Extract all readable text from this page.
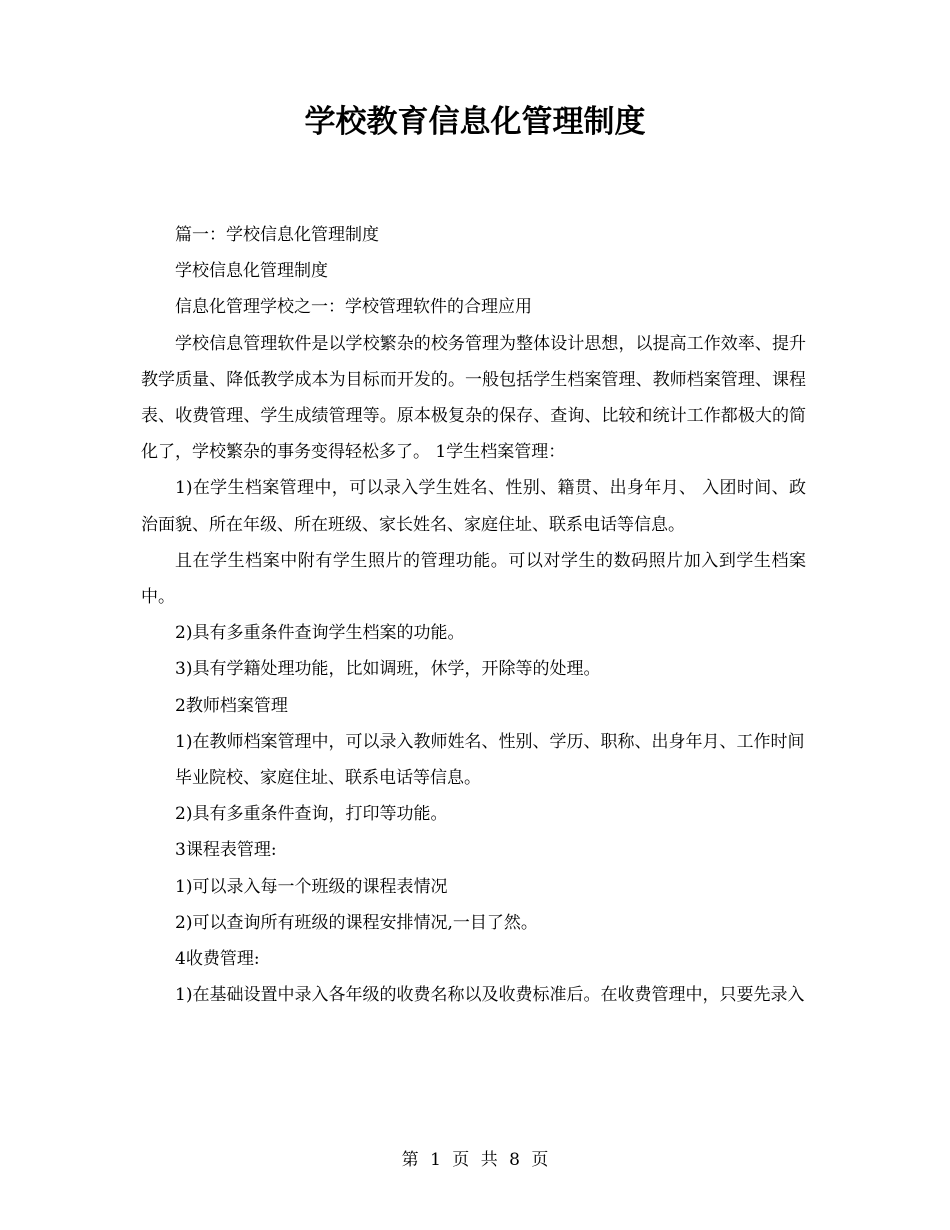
学校教育信息化管理制度

篇一：学校信息化管理制度

学校信息化管理制度

信息化管理学校之一：学校管理软件的合理应用

学校信息管理软件是以学校繁杂的校务管理为整体设计思想，以提高工作效率、提升教学质量、降低教学成本为目标而开发的。一般包括学生档案管理、教师档案管理、课程表、收费管理、学生成绩管理等。原本极复杂的保存、查询、比较和统计工作都极大的简化了，学校繁杂的事务变得轻松多了。 1学生档案管理：

1)在学生档案管理中，可以录入学生姓名、性别、籍贯、出身年月、 入团时间、政治面貌、所在年级、所在班级、家长姓名、家庭住址、联系电话等信息。

且在学生档案中附有学生照片的管理功能。可以对学生的数码照片加入到学生档案中。

2)具有多重条件查询学生档案的功能。

3)具有学籍处理功能，比如调班，休学，开除等的处理。

2教师档案管理

1)在教师档案管理中，可以录入教师姓名、性别、学历、职称、出身年月、工作时间

毕业院校、家庭住址、联系电话等信息。

2)具有多重条件查询，打印等功能。

3课程表管理:

1)可以录入每一个班级的课程表情况

2)可以查询所有班级的课程安排情况,一目了然。

4收费管理:

1)在基础设置中录入各年级的收费名称以及收费标准后。在收费管理中，只要先录入

第 1 页 共 8 页
